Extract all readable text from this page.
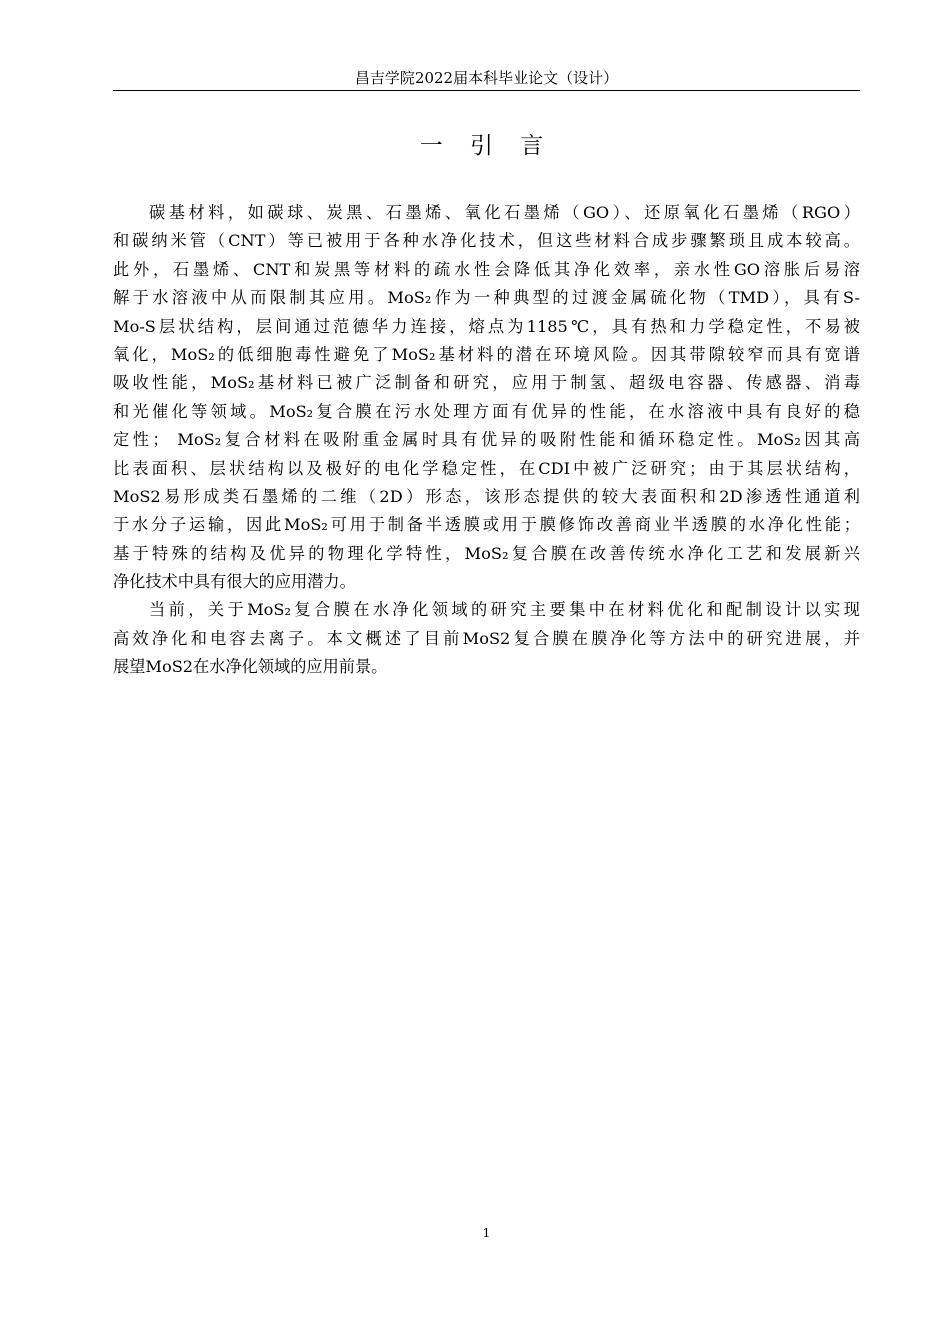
昌吉学院2022届本科毕业论文（设计）
一 引 言
碳基材料，如碳球、炭黑、石墨烯、氧化石墨烯（GO）、还原氧化石墨烯（RGO）
和碳纳米管（CNT）等已被用于各种水净化技术，但这些材料合成步骤繁琐且成本较高。
此外，石墨烯、CNT和炭黑等材料的疏水性会降低其净化效率，亲水性GO溶胀后易溶
解于水溶液中从而限制其应用。MoS₂作为一种典型的过渡金属硫化物（TMD），具有S-
Mo-S层状结构，层间通过范德华力连接，熔点为1185℃，具有热和力学稳定性，不易被
氧化，MoS₂的低细胞毒性避免了MoS₂基材料的潜在环境风险。因其带隙较窄而具有宽谱
吸收性能，MoS₂基材料已被广泛制备和研究，应用于制氢、超级电容器、传感器、消毒
和光催化等领域。MoS₂复合膜在污水处理方面有优异的性能，在水溶液中具有良好的稳
定性； MoS₂复合材料在吸附重金属时具有优异的吸附性能和循环稳定性。MoS₂因其高
比表面积、层状结构以及极好的电化学稳定性，在CDI中被广泛研究；由于其层状结构，
MoS2易形成类石墨烯的二维（2D）形态，该形态提供的较大表面积和2D渗透性通道利
于水分子运输，因此MoS₂可用于制备半透膜或用于膜修饰改善商业半透膜的水净化性能；
基于特殊的结构及优异的物理化学特性，MoS₂复合膜在改善传统水净化工艺和发展新兴
净化技术中具有很大的应用潜力。
当前，关于MoS₂复合膜在水净化领域的研究主要集中在材料优化和配制设计以实现
高效净化和电容去离子。本文概述了目前MoS2复合膜在膜净化等方法中的研究进展，并
展望MoS2在水净化领域的应用前景。
1
